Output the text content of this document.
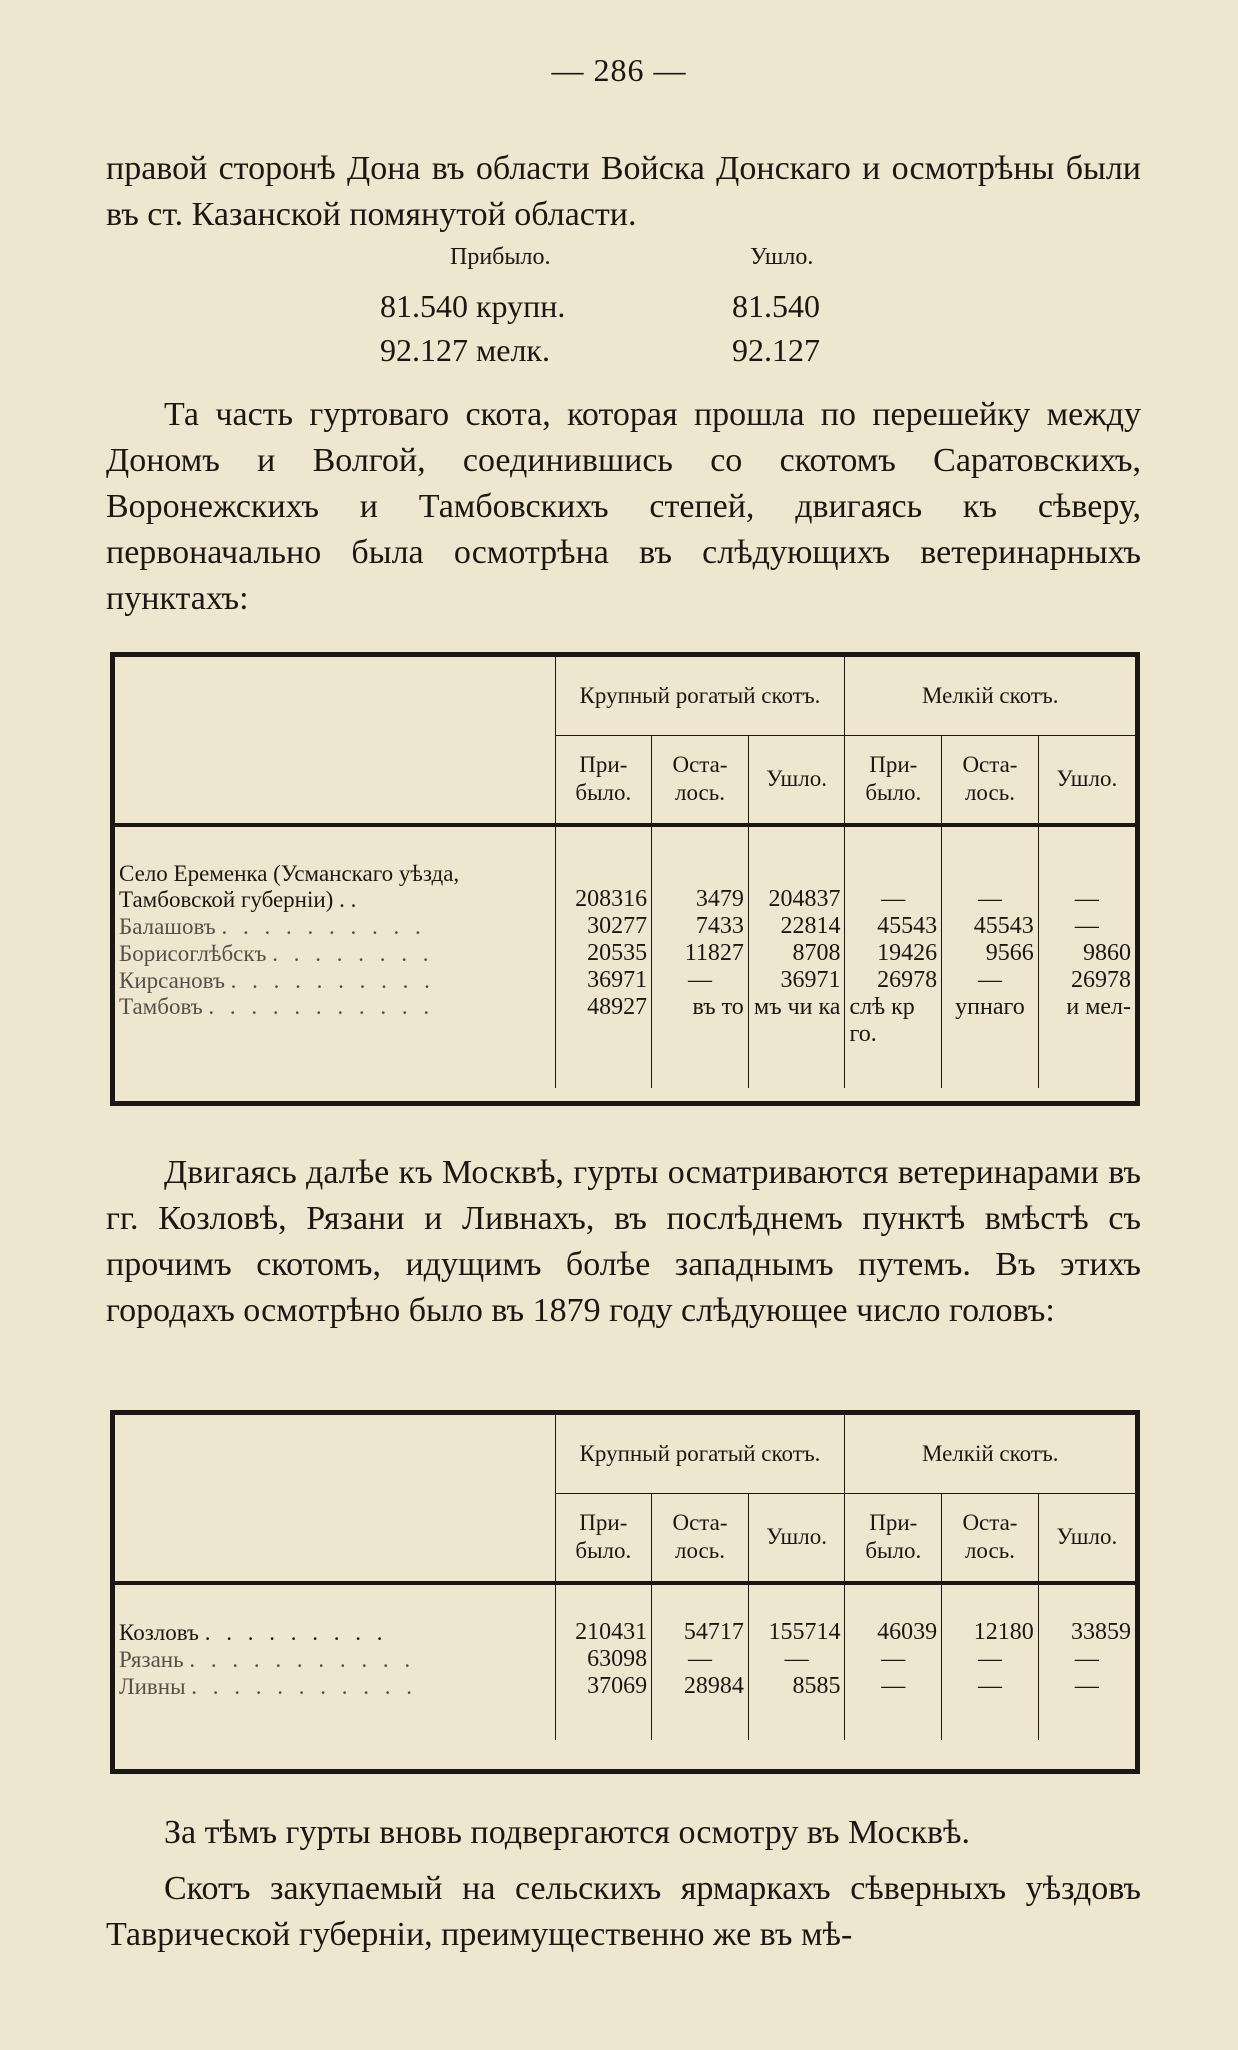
— 286 —

правой сторонѣ Дона въ области Войска Донскаго и осмотрѣны были въ ст. Казанской помянутой области.

Прибыло.	Ушло.
81.540 крупн.	81.540
92.127 мелк.	92.127

Та часть гуртоваго скота, которая прошла по перешейку между Дономъ и Волгой, соединившись со скотомъ Саратовскихъ, Воронежскихъ и Тамбовскихъ степей, двигаясь къ сѣверу, первоначально была осмотрѣна въ слѣдующихъ ветеринарныхъ пунктахъ:

	Крупный рогатый скотъ.			Мелкій скотъ.		
	При- было.	Оста- лось.	Ушло.	При- было.	Оста- лось.	Ушло.

Село Еременка (Усманскаго уѣзда, Тамбовской губерніи) . .	208316	3479	204837	—	—	—
Балашовъ . . . . . . . . . .	30277	7433	22814	45543	45543	—
Борисоглѣбскъ . . . . . . . .	20535	11827	8708	19426	9566	9860
Кирсановъ . . . . . . . . . .	36971	—	36971	26978	—	26978
Тамбовъ . . . . . . . . . . .	48927	въ то	мъ чи ка	слѣ кр го.	упнаго	и мел-

Двигаясь далѣе къ Москвѣ, гурты осматриваются ветеринарами въ гг. Козловѣ, Рязани и Ливнахъ, въ послѣднемъ пунктѣ вмѣстѣ съ прочимъ скотомъ, идущимъ болѣе западнымъ путемъ. Въ этихъ городахъ осмотрѣно было въ 1879 году слѣдующее число головъ:

	Крупный рогатый скотъ.			Мелкій скотъ.		
	При- было.	Оста- лось.	Ушло.	При- было.	Оста- лось.	Ушло.

Козловъ . . . . . . . . .	210431	54717	155714	46039	12180	33859
Рязань . . . . . . . . . . .	63098	—	—	—	—	—
Ливны . . . . . . . . . . .	37069	28984	8585	—	—	—

За тѣмъ гурты вновь подвергаются осмотру въ Москвѣ.

Скотъ закупаемый на сельскихъ ярмаркахъ сѣверныхъ уѣздовъ Таврической губерніи, преимущественно же въ мѣ-
